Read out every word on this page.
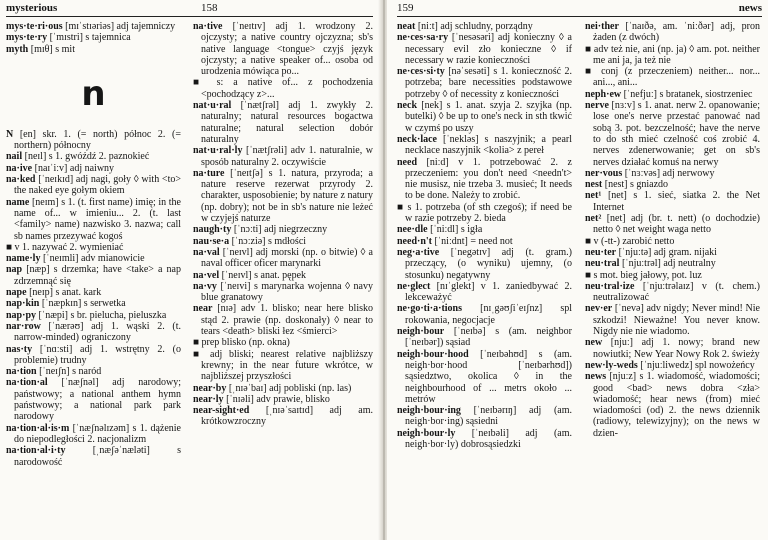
mysterious	158
mys·te·ri·ous [mɪˈstɪəriəs] adj tajemniczy
mys·te·ry [ˈmɪstri] s tajemnica
myth [mɪθ] s mit
n
N [en] skr. 1. (= north) północ 2. (= northern) północny
nail [neɪl] s 1. gwóźdź 2. paznokieć
na·ive [naɪˈiːv] adj naiwny
na·ked [ˈneɪkɪd] adj nagi, goły ◊ with <to> the naked eye gołym okiem
name [neɪm] s 1. (t. first name) imię; in the name of... w imieniu... 2. (t. last <family> name) nazwisko 3. nazwa; call sb names przezywać kogoś
■ v 1. nazywać 2. wymieniać
name·ly [ˈneɪmli] adv mianowicie
nap [næp] s drzemka; have <take> a nap zdrzemnąć się
nape [neɪp] s anat. kark
nap·kin [ˈnæpkɪn] s serwetka
nap·py [ˈnæpi] s br. pielucha, pieluszka
nar·row [ˈnærəʊ] adj 1. wąski 2. (t. narrow-minded) ograniczony
nas·ty [ˈnɑːsti] adj 1. wstrętny 2. (o problemie) trudny
na·tion [ˈneɪʃn] s naród
na·tion·al [ˈnæʃnəl] adj narodowy; państwowy; a national anthem hymn państwowy; a national park park narodowy
na·tion·al·is·m [ˈnæʃnəlɪzəm] s 1. dążenie do niepodległości 2. nacjonalizm
na·tion·al·i·ty [ˌnæʃəˈnæləti] s narodowość
na·tive [ˈneɪtɪv] adj 1. wrodzony 2. ojczysty; a native country ojczyzna; sb's native language <tongue> czyjś język ojczysty; a native speaker of... osoba od urodzenia mówiąca po...
■ s: a native of... z pochodzenia <pochodzący z>...
nat·u·ral [ˈnætʃrəl] adj 1. zwykły 2. naturalny; natural resources bogactwa naturalne; natural selection dobór naturalny
nat·u·ral·ly [ˈnætʃrəli] adv 1. naturalnie, w sposób naturalny 2. oczywiście
na·ture [ˈneɪtʃə] s 1. natura, przyroda; a nature reserve rezerwat przyrody 2. charakter, usposobienie; by nature z natury (np. dobry); not be in sb's nature nie leżeć w czyjejś naturze
naugh·ty [ˈnɔːti] adj niegrzeczny
nau·se·a [ˈnɔːziə] s mdłości
na·val [ˈneɪvl] adj morski (np. o bitwie) ◊ a naval officer oficer marynarki
na·vel [ˈneɪvl] s anat. pępek
na·vy [ˈneɪvi] s marynarka wojenna ◊ navy blue granatowy
near [nɪə] adv 1. blisko; near here blisko stąd 2. prawie (np. doskonały) ◊ near to tears <death> bliski łez <śmierci>
■ prep blisko (np. okna)
■ adj bliski; nearest relative najbliższy krewny; in the near future wkrótce, w najbliższej przyszłości
near·by [ˌnɪəˈbaɪ] adj pobliski (np. las)
near·ly [ˈnɪəli] adv prawie, blisko
near-sight·ed [ˌnɪəˈsaɪtɪd] adj am. krótkowzroczny
159	news
neat [niːt] adj schludny, porządny
ne·ces·sa·ry [ˈnesəsəri] adj konieczny ◊ a necessary evil zło konieczne ◊ if necessary w razie konieczności
ne·ces·si·ty [nəˈsesəti] s 1. konieczność 2. potrzeba; bare necessities podstawowe potrzeby ◊ of necessity z konieczności
neck [nek] s 1. anat. szyja 2. szyjka (np. butelki) ◊ be up to one's neck in sth tkwić w czymś po uszy
neck·lace [ˈnekləs] s naszyjnik; a pearl necklace naszyjnik <kolia> z pereł
need [niːd] v 1. potrzebować 2. z przeczeniem: you don't need <needn't> nie musisz, nie trzeba 3. musieć; It needs to be done. Należy to zrobić.
■ s 1. potrzeba (of sth czegoś); if need be w razie potrzeby 2. bieda
nee·dle [ˈniːdl] s igła
need·n't [ˈniːdnt] = need not
neg·a·tive [ˈnegətɪv] adj (t. gram.) przeczący, (o wyniku) ujemny, (o stosunku) negatywny
ne·glect [nɪˈglekt] v 1. zaniedbywać 2. lekceważyć
ne·go·ti·a·tions [nɪˌgəʊʃiˈeɪʃnz] spl rokowania, negocjacje
neigh·bour [ˈneɪbə] s (am. neighbor [ˈneɪbər]) sąsiad
neigh·bour·hood [ˈneɪbəhʊd] s (am. neigh·bor·hood [ˈneɪbərhʊd]) sąsiedztwo, okolica ◊ in the neighbourhood of ... metrs około ... metrów
neigh·bour·ing [ˈneɪbərɪŋ] adj (am. neigh·bor·ing) sąsiedni
neigh·bour·ly [ˈneɪbəli] adj (am. neigh·bor·ly) dobrosąsiedzki
nei·ther [ˈnaɪðə, am. ˈniːðər] adj, pron żaden (z dwóch)
■ adv też nie, ani (np. ja) ◊ am. pot. neither me ani ja, ja też nie
■ conj (z przeczeniem) neither... nor... ani..., ani...
neph·ew [ˈnefjuː] s bratanek, siostrzeniec
nerve [nɜːv] s 1. anat. nerw 2. opanowanie; lose one's nerve przestać panować nad sobą 3. pot. bezczelność; have the nerve to do sth mieć czelność coś zrobić 4. nerves zdenerwowanie; get on sb's nerves działać komuś na nerwy
ner·vous [ˈnɜːvəs] adj nerwowy
nest [nest] s gniazdo
net¹ [net] s 1. sieć, siatka 2. the Net Internet
net² [net] adj (br. t. nett) (o dochodzie) netto ◊ net weight waga netto
■ v (-tt-) zarobić netto
neu·ter [ˈnjuːtə] adj gram. nijaki
neu·tral [ˈnjuːtrəl] adj neutralny
■ s mot. bieg jałowy, pot. luz
neu·tral·ize [ˈnjuːtrəlaɪz] v (t. chem.) neutralizować
nev·er [ˈnevə] adv nigdy; Never mind! Nie szkodzi! Nieważne! You never know. Nigdy nie nie wiadomo.
new [njuː] adj 1. nowy; brand new nowiutki; New Year Nowy Rok 2. świeży
new·ly-weds [ˈnjuːliwedz] spl nowożeńcy
news [njuːz] s 1. wiadomość, wiadomości; good <bad> news dobra <zła> wiadomość; hear news (from) mieć wiadomości (od) 2. the news dziennik (radiowy, telewizyjny); on the news w dzien-
